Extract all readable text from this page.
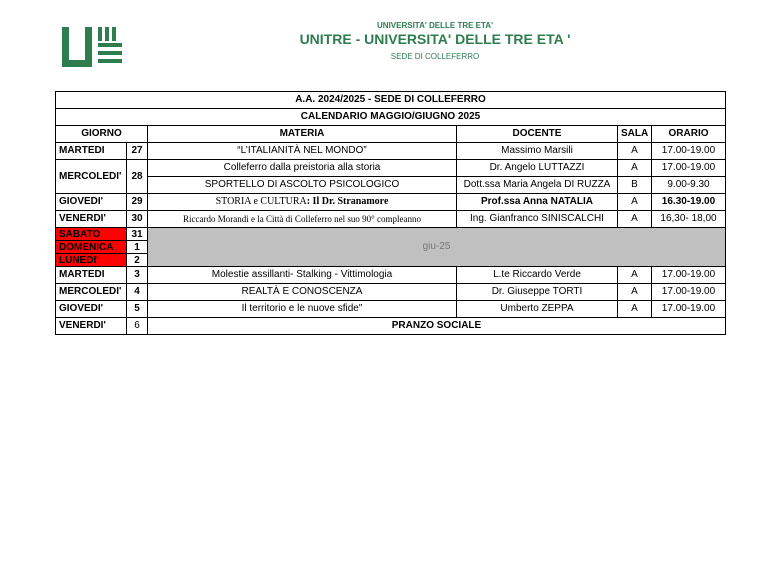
UNIVERSITA' DELLE TRE ETA'
UNITRE - UNIVERSITA' DELLE TRE ETA '
SEDE DI COLLEFERRO
A.A. 2024/2025 - SEDE DI COLLEFERRO					
CALENDARIO MAGGIO/GIUGNO 2025					
GIORNO		MATERIA	DOCENTE	SALA	ORARIO
MARTEDI	27	“L’ITALIANITÀ NEL MONDO”	Massimo Marsili	A	17.00-19.00
MERCOLEDI'	28	Colleferro dalla preistoria alla storia	Dr. Angelo LUTTAZZI	A	17.00-19.00
		SPORTELLO DI ASCOLTO PSICOLOGICO	Dott.ssa Maria Angela DI RUZZA	B	9.00-9.30
GIOVEDI'	29	STORIA e CULTURA: Il Dr. Stranamore	Prof.ssa Anna NATALIA	A	16.30-19.00
VENERDI'	30	Riccardo Morandi e la Città di Colleferro nel suo 90° compleanno	Ing. Gianfranco SINISCALCHI	A	16,30- 18,00
SABATO	31	giu-25			
DOMENICA	1				
LUNEDI'	2				
MARTEDI	3	Molestie assillanti- Stalking - Vittimologia	L.te Riccardo Verde	A	17.00-19.00
MERCOLEDI'	4	REALTÀ E CONOSCENZA	Dr. Giuseppe TORTI	A	17.00-19.00
GIOVEDI'	5	Il territorio e le nuove sfide"	Umberto ZEPPA	A	17.00-19.00
VENERDI'	6	PRANZO SOCIALE			
